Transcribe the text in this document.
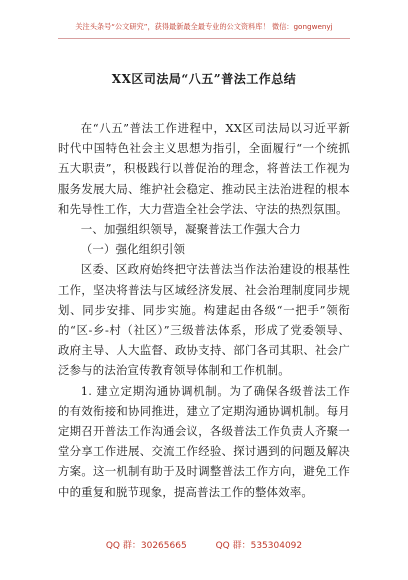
关注头条号“公文研究”，获得最新最全最专业的公文资料库！ 微信：gongwenyj
XX区司法局“八五”普法工作总结

在“八五”普法工作进程中，XX区司法局以习近平新时代中国特色社会主义思想为指引，全面履行“一个统抓五大职责”，积极践行以普促治的理念，将普法工作视为服务发展大局、维护社会稳定、推动民主法治进程的根本和先导性工作，大力营造全社会学法、守法的热烈氛围。

一、加强组织领导，凝聚普法工作强大合力

（一）强化组织引领

区委、区政府始终把守法普法当作法治建设的根基性工作，坚决将普法与区域经济发展、社会治理制度同步规划、同步安排、同步实施。构建起由各级“一把手”领衔的“区-乡-村（社区）”三级普法体系，形成了党委领导、政府主导、人大监督、政协支持、部门各司其职、社会广泛参与的法治宣传教育领导体制和工作机制。

1. 建立定期沟通协调机制。为了确保各级普法工作的有效衔接和协同推进，建立了定期沟通协调机制。每月定期召开普法工作沟通会议，各级普法工作负责人齐聚一堂分享工作进展、交流工作经验、探讨遇到的问题及解决方案。这一机制有助于及时调整普法工作方向，避免工作中的重复和脱节现象，提高普法工作的整体效率。

QQ 群：30265665	QQ 群：535304092
